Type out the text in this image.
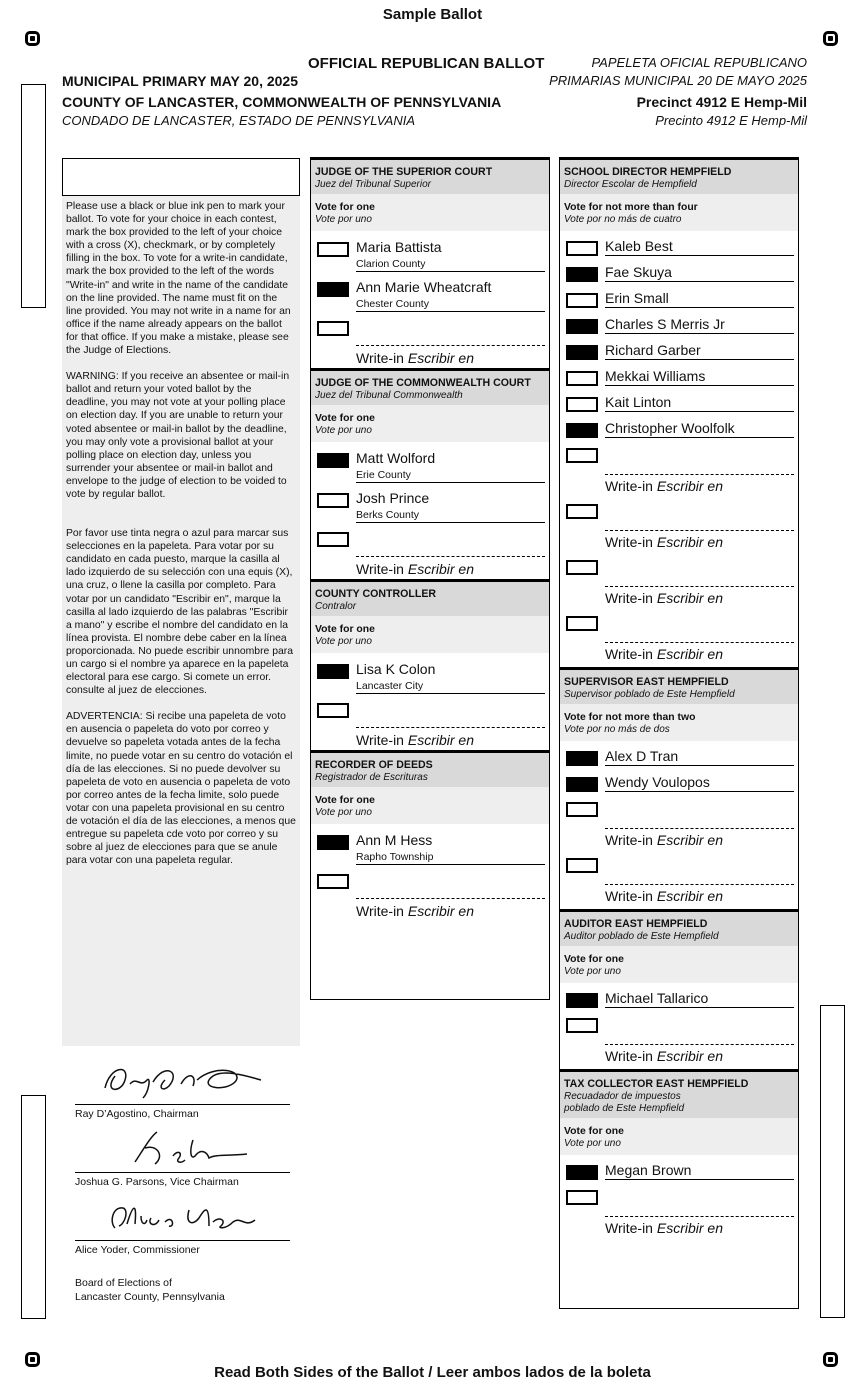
Sample Ballot
OFFICIAL REPUBLICAN BALLOT	PAPELETA OFICIAL REPUBLICANO
MUNICIPAL PRIMARY MAY 20, 2025	PRIMARIAS MUNICIPAL 20 DE MAYO 2025
COUNTY OF LANCASTER, COMMONWEALTH OF PENNSYLVANIA	Precinct 4912 E Hemp-Mil
CONDADO DE LANCASTER, ESTADO DE PENNSYLVANIA	Precinto 4912 E Hemp-Mil

Please use a black or blue ink pen to mark your ballot. To vote for your choice in each contest, mark the box provided to the left of your choice with a cross (X), checkmark, or by completely filling in the box. To vote for a write-in candidate, mark the box provided to the left of the words "Write-in" and write in the name of the candidate on the line provided. The name must fit on the line provided. You may not write in a name for an office if the name already appears on the ballot for that office. If you make a mistake, please see the Judge of Elections.

WARNING: If you receive an absentee or mail-in ballot and return your voted ballot by the deadline, you may not vote at your polling place on election day. If you are unable to return your voted absentee or mail-in ballot by the deadline, you may only vote a provisional ballot at your polling place on election day, unless you surrender your absentee or mail-in ballot and envelope to the judge of election to be voided to vote by regular ballot.

Por favor use tinta negra o azul para marcar sus selecciones en la papeleta. Para votar por su candidato en cada puesto, marque la casilla al lado izquierdo de su selección con una equis (X), una cruz, o llene la casilla por completo. Para votar por un candidato "Escribir en", marque la casilla al lado izquierdo de las palabras "Escribir a mano" y escribe el nombre del candidato en la línea provista. El nombre debe caber en la línea proporcionada. No puede escribir unnombre para un cargo si el nombre ya aparece en la papeleta electoral para ese cargo. Si comete un error. consulte al juez de elecciones.

ADVERTENCIA: Si recibe una papeleta de voto en ausencia o papeleta do voto por correo y devuelve so papeleta votada antes de la fecha limite, no puede votar en su centro do votación el día de las elecciones. Si no puede devolver su papeleta de voto en ausencia o papeleta de voto por correo antes de la fecha limite, solo puede votar con una papeleta provisional en su centro de votación el día de las elecciones, a menos que entregue su papeleta cde voto por correo y su sobre al juez de elecciones para que se anule para votar con una papeleta regular.

Ray D’Agostino, Chairman
Joshua G. Parsons, Vice Chairman
Alice Yoder, Commissioner
Board of Elections of
Lancaster County, Pennsylvania
JUDGE OF THE SUPERIOR COURT
Juez del Tribunal Superior
Vote for one
Vote por uno
Maria Battista
Clarion County
Ann Marie Wheatcraft
Chester County
Write-in Escribir en
JUDGE OF THE COMMONWEALTH COURT
Juez del Tribunal Commonwealth
Vote for one
Vote por uno
Matt Wolford
Erie County
Josh Prince
Berks County
Write-in Escribir en
COUNTY CONTROLLER
Contralor
Vote for one
Vote por uno
Lisa K Colon
Lancaster City
Write-in Escribir en
RECORDER OF DEEDS
Registrador de Escrituras
Vote for one
Vote por uno
Ann M Hess
Rapho Township
Write-in Escribir en
SCHOOL DIRECTOR HEMPFIELD
Director Escolar de Hempfield
Vote for not more than four
Vote por no más de cuatro
Kaleb Best
Fae Skuya
Erin Small
Charles S Merris Jr
Richard Garber
Mekkai Williams
Kait Linton
Christopher Woolfolk
Write-in Escribir en
Write-in Escribir en
Write-in Escribir en
Write-in Escribir en
SUPERVISOR EAST HEMPFIELD
Supervisor poblado de Este Hempfield
Vote for not more than two
Vote por no más de dos
Alex D Tran
Wendy Voulopos
Write-in Escribir en
Write-in Escribir en
AUDITOR EAST HEMPFIELD
Auditor poblado de Este Hempfield
Vote for one
Vote por uno
Michael Tallarico
Write-in Escribir en
TAX COLLECTOR EAST HEMPFIELD
Recuadador de impuestos
poblado de Este Hempfield
Vote for one
Vote por uno
Megan Brown
Write-in Escribir en
Read Both Sides of the Ballot / Leer ambos lados de la boleta
